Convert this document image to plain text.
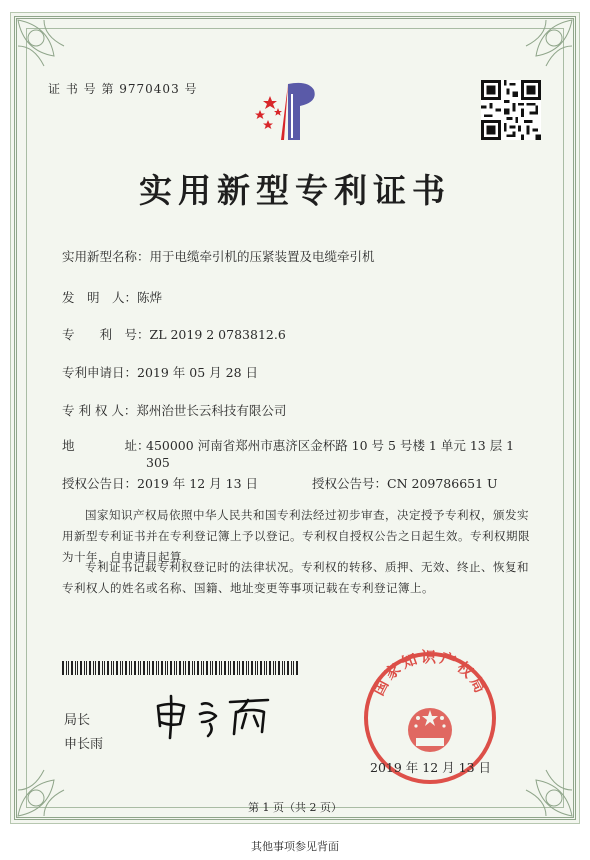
证 书 号 第 9770403 号
实用新型专利证书
实用新型名称：用于电缆牵引机的压紧装置及电缆牵引机
发　明　人：陈烨
专　　利　号：ZL 2019 2 0783812.6
专利申请日：2019 年 05 月 28 日
专 利 权 人：郑州治世长云科技有限公司
地　　　　址：
450000 河南省郑州市惠济区金杯路 10 号 5 号楼 1 单元 13 层 1 305
授权公告日：2019 年 12 月 13 日	授权公告号：CN 209786651 U
国家知识产权局依照中华人民共和国专利法经过初步审查，决定授予专利权，颁发实用新型专利证书并在专利登记簿上予以登记。专利权自授权公告之日起生效。专利权期限为十年，自申请日起算。
专利证书记载专利权登记时的法律状况。专利权的转移、质押、无效、终止、恢复和专利权人的姓名或名称、国籍、地址变更等事项记载在专利登记簿上。
局长
申长雨
国家知识产权局
2019 年 12 月 13 日
第 1 页（共 2 页）
其他事项参见背面
